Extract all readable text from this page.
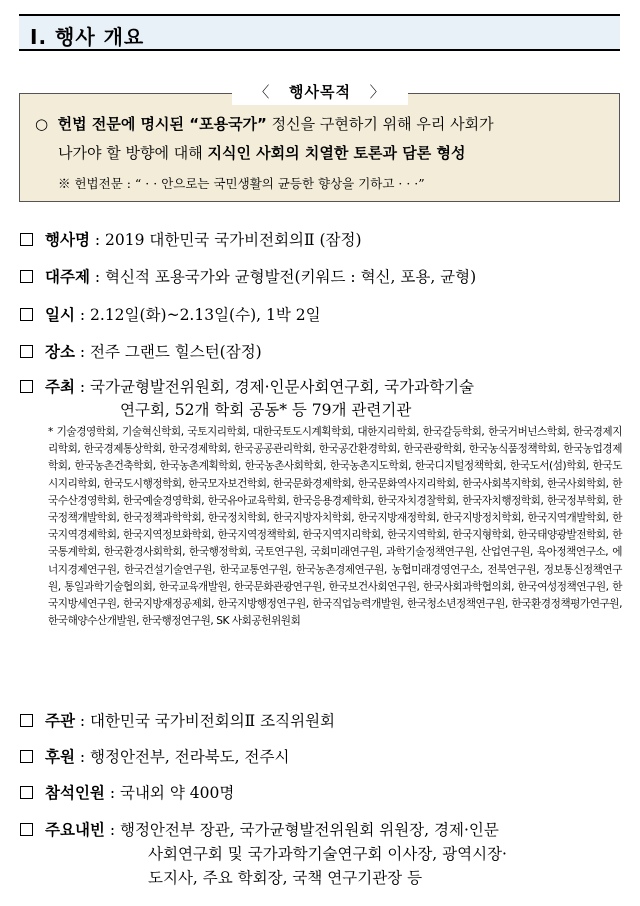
Ⅰ. 행사 개요
〈 행사목적 〉
○ 헌법 전문에 명시된 “포용국가” 정신을 구현하기 위해 우리 사회가
나가야 할 방향에 대해 지식인 사회의 치열한 토론과 담론 형성
※ 헌법전문 : “ · · 안으로는 국민생활의 균등한 향상을 기하고 · · ·”
행사명 : 2019 대한민국 국가비전회의Ⅱ (잠정)
대주제 : 혁신적 포용국가와 균형발전(키워드 : 혁신, 포용, 균형)
일시 : 2.12일(화)~2.13일(수), 1박 2일
장소 : 전주 그랜드 힐스턴(잠정)
주최 : 국가균형발전위원회, 경제·인문사회연구회, 국가과학기술
연구회, 52개 학회 공동* 등 79개 관련기관
* 기술경영학회, 기술혁신학회, 국토지리학회, 대한국토도시계획학회, 대한지리학회, 한국갈등학회, 한국거버넌스학회, 한국경제지리학회, 한국경제통상학회, 한국경제학회, 한국공공관리학회, 한국공간환경학회, 한국관광학회, 한국농식품정책학회, 한국농업경제학회, 한국농촌건축학회, 한국농촌계획학회, 한국농촌사회학회, 한국농촌지도학회, 한국디지털정책학회, 한국도서(섬)학회, 한국도시지리학회, 한국도시행정학회, 한국모자보건학회, 한국문화경제학회, 한국문화역사지리학회, 한국사회복지학회, 한국사회학회, 한국수산경영학회, 한국예술경영학회, 한국유아교육학회, 한국응용경제학회, 한국자치경찰학회, 한국자치행정학회, 한국정부학회, 한국정책개발학회, 한국정책과학학회, 한국정치학회, 한국지방자치학회, 한국지방재정학회, 한국지방정치학회, 한국지역개발학회, 한국지역경제학회, 한국지역정보화학회, 한국지역정책학회, 한국지역지리학회, 한국지역학회, 한국지형학회, 한국태양광발전학회, 한국통계학회, 한국환경사회학회, 한국행정학회, 국토연구원, 국회미래연구원, 과학기술정책연구원, 산업연구원, 육아정책연구소, 에너지경제연구원, 한국건설기술연구원, 한국교통연구원, 한국농촌경제연구원, 농협미래경영연구소, 전북연구원, 정보통신정책연구원, 통일과학기술협의회, 한국교육개발원, 한국문화관광연구원, 한국보건사회연구원, 한국사회과학협의회, 한국여성정책연구원, 한국지방세연구원, 한국지방재정공제회, 한국지방행정연구원, 한국직업능력개발원, 한국청소년정책연구원, 한국환경정책평가연구원, 한국해양수산개발원, 한국행정연구원, SK 사회공헌위원회
주관 : 대한민국 국가비전회의Ⅱ 조직위원회
후원 : 행정안전부, 전라북도, 전주시
참석인원 : 국내외 약 400명
주요내빈 : 행정안전부 장관, 국가균형발전위원회 위원장, 경제·인문
사회연구회 및 국가과학기술연구회 이사장, 광역시장·
도지사, 주요 학회장, 국책 연구기관장 등
